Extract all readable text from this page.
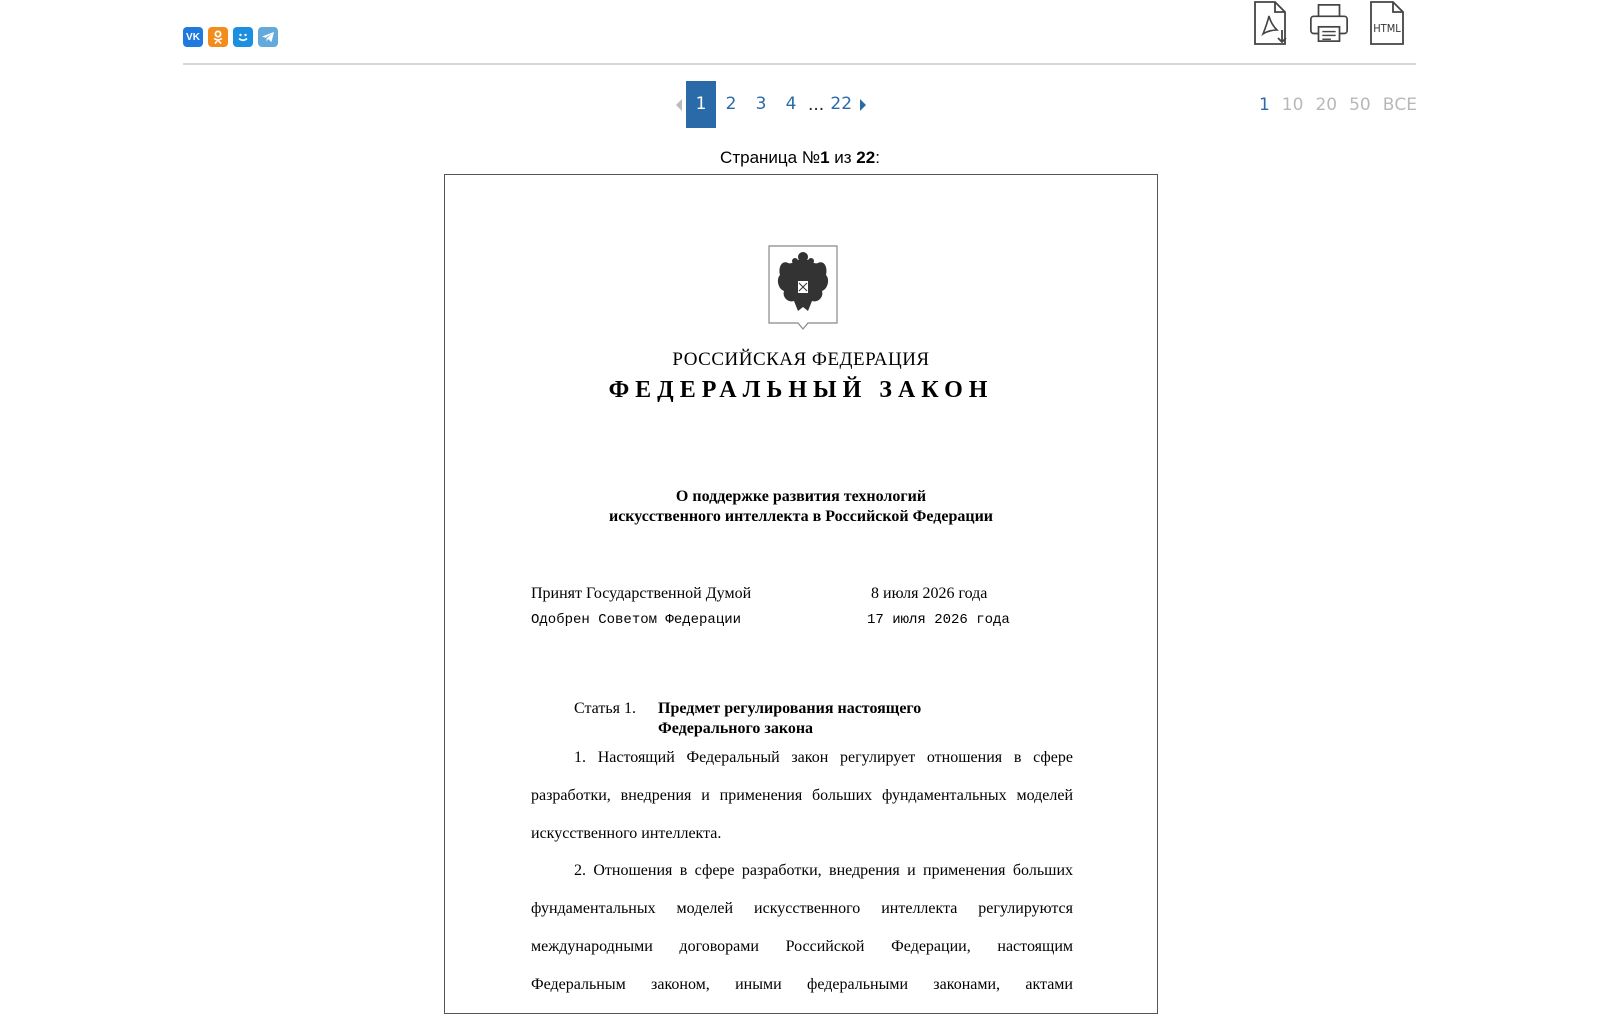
VK
HTML
1	2	3	4 ... 22	1 10 20 50 ВСЕ
Страница №1 из 22:
РОССИЙСКАЯ ФЕДЕРАЦИЯ
ФЕДЕРАЛЬНЫЙ ЗАКОН
О поддержке развития технологий
искусственного интеллекта в Российской Федерации
Принят Государственной Думой	8 июля 2026 года
Одобрен Советом Федерации	17 июля 2026 года
Статья 1. Предмет регулирования настоящего Федерального закона
1. Настоящий Федеральный закон регулирует отношения в сфере
разработки, внедрения и применения больших фундаментальных моделей
искусственного интеллекта.
2. Отношения в сфере разработки, внедрения и применения больших
фундаментальных моделей искусственного интеллекта регулируются
международными договорами Российской Федерации, настоящим
Федеральным законом, иными федеральными законами, актами
